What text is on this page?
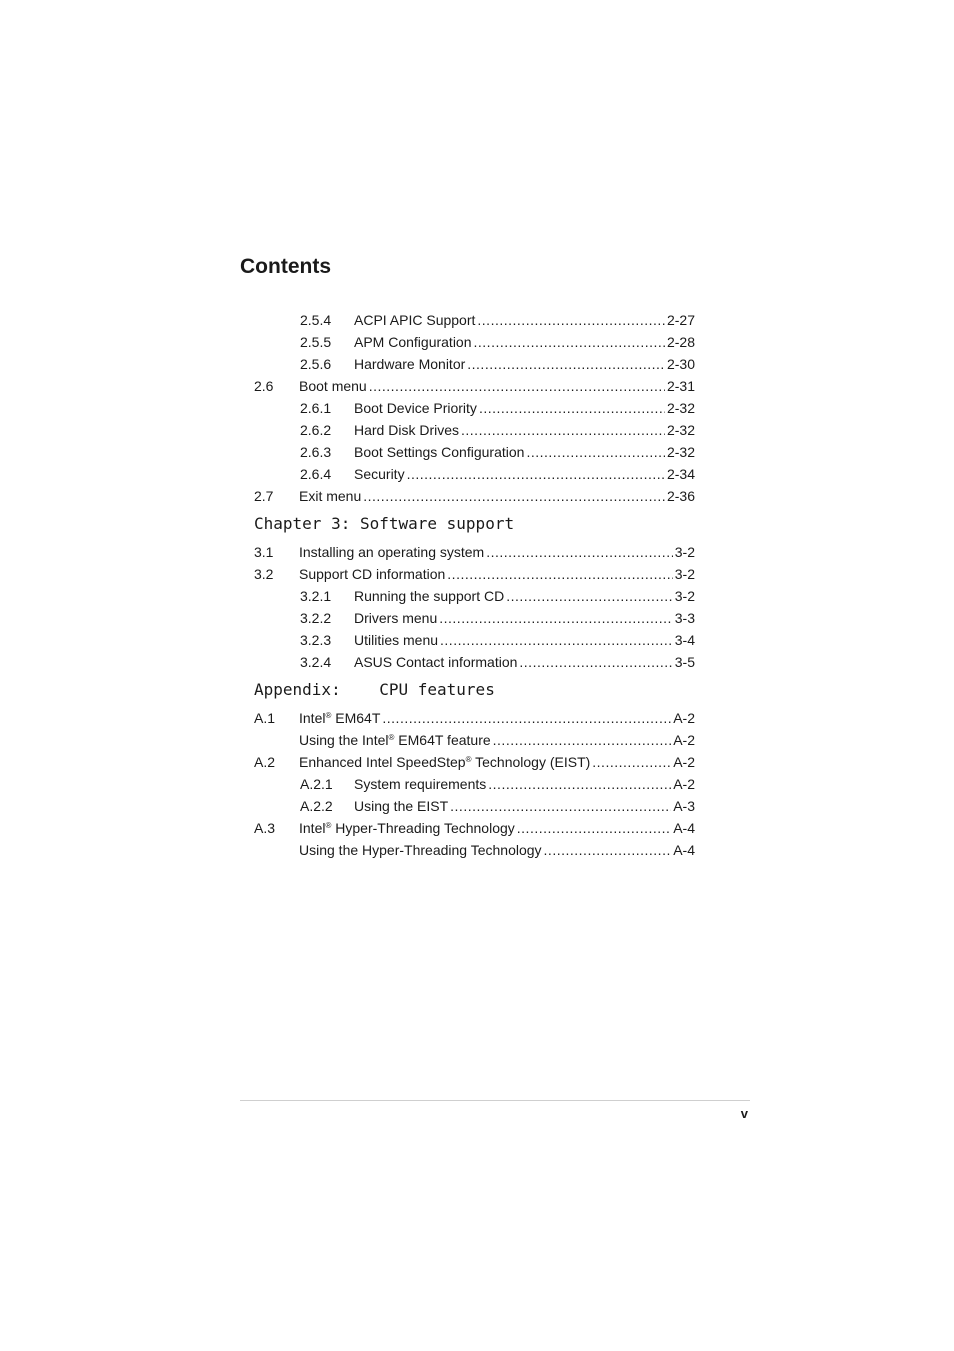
Contents
2.5.4 ACPI APIC Support .....	2-27
2.5.5 APM Configuration .....	2-28
2.5.6 Hardware Monitor .....	2-30
2.6 Boot menu .....	2-31
2.6.1 Boot Device Priority .....	2-32
2.6.2 Hard Disk Drives .....	2-32
2.6.3 Boot Settings Configuration .....	2-32
2.6.4 Security .....	2-34
2.7 Exit menu .....	2-36
Chapter 3: Software support
3.1 Installing an operating system .....	3-2
3.2 Support CD information .....	3-2
3.2.1 Running the support CD .....	3-2
3.2.2 Drivers menu .....	3-3
3.2.3 Utilities menu .....	3-4
3.2.4 ASUS Contact information .....	3-5
Appendix:    CPU features
A.1 Intel® EM64T .....	A-2
Using the Intel® EM64T feature .....	A-2
A.2 Enhanced Intel SpeedStep® Technology (EIST) .....	A-2
A.2.1 System requirements .....	A-2
A.2.2 Using the EIST .....	A-3
A.3 Intel® Hyper-Threading Technology .....	A-4
Using the Hyper-Threading Technology .....	A-4
v
